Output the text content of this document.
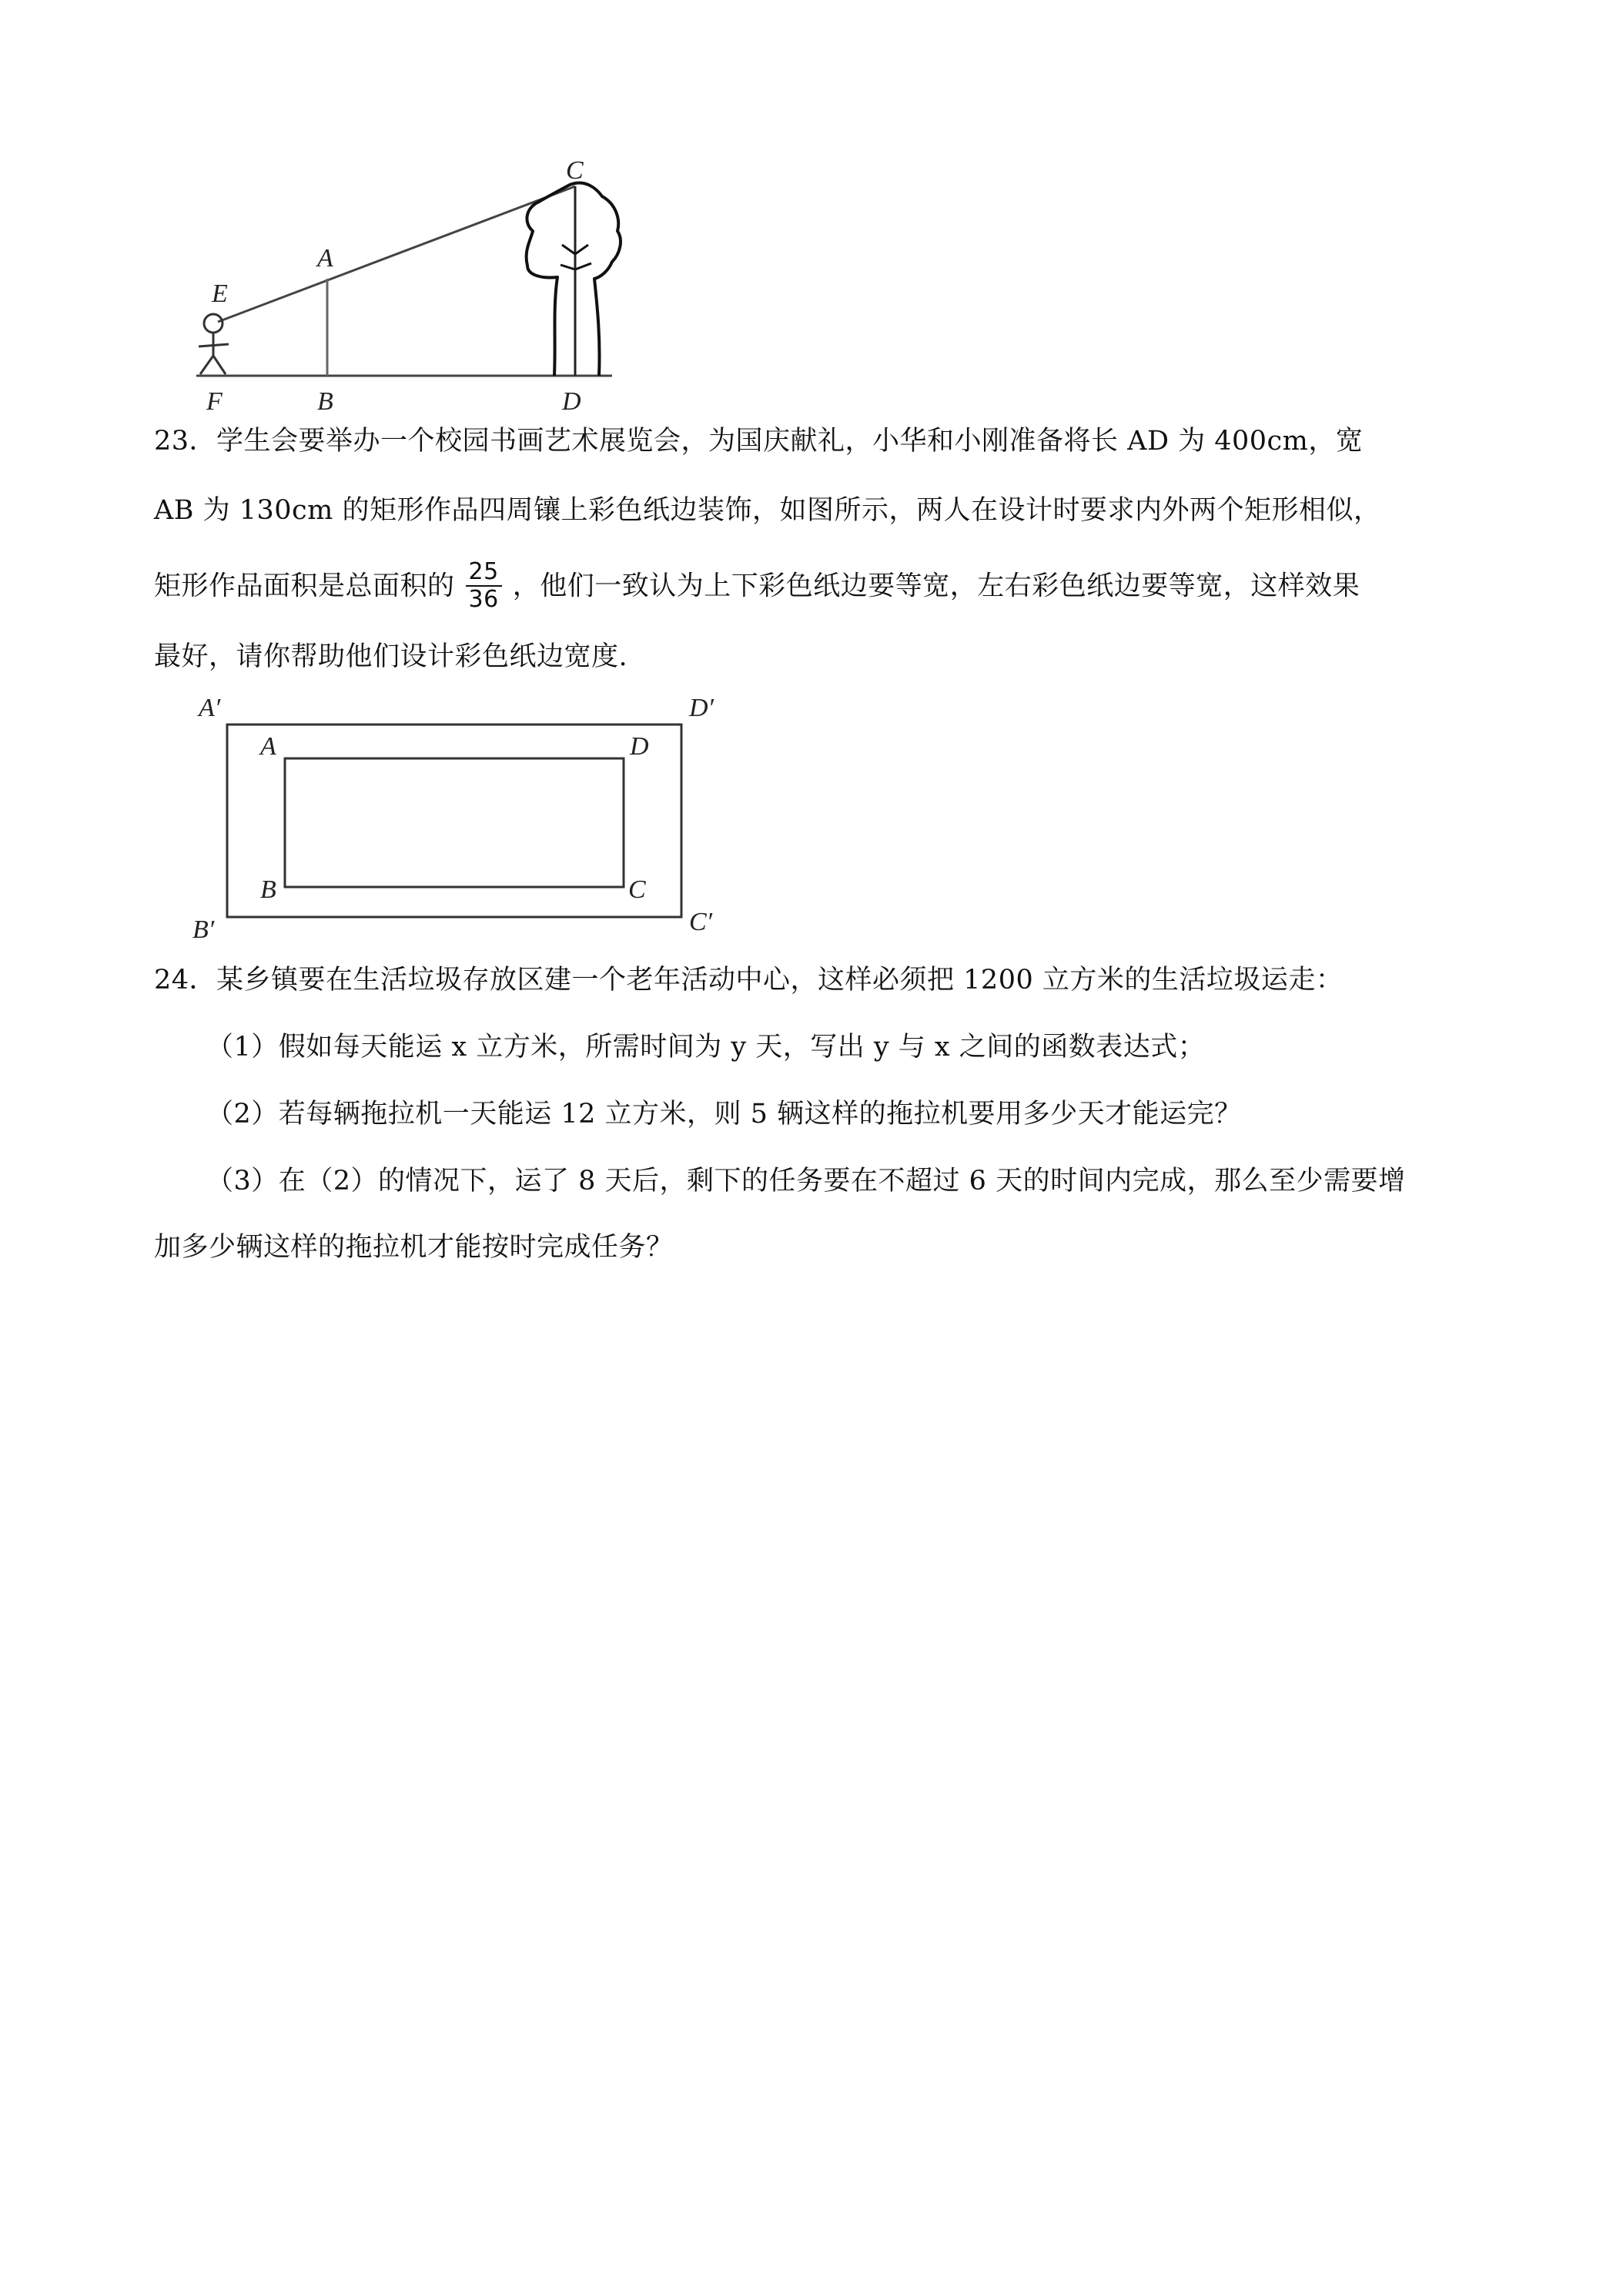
C
A
E
F	B	D
23．学生会要举办一个校园书画艺术展览会，为国庆献礼，小华和小刚准备将长 AD 为 400cm，宽
AB 为 130cm 的矩形作品四周镶上彩色纸边装饰，如图所示，两人在设计时要求内外两个矩形相似，
矩形作品面积是总面积的 $\frac{25}{36}$ ，他们一致认为上下彩色纸边要等宽，左右彩色纸边要等宽，这样效果
最好，请你帮助他们设计彩色纸边宽度.
A′	D′
A	D
B	C
B′	C′
24．某乡镇要在生活垃圾存放区建一个老年活动中心，这样必须把 1200 立方米的生活垃圾运走：
（1）假如每天能运 x 立方米，所需时间为 y 天，写出 y 与 x 之间的函数表达式；
（2）若每辆拖拉机一天能运 12 立方米，则 5 辆这样的拖拉机要用多少天才能运完？
（3）在（2）的情况下，运了 8 天后，剩下的任务要在不超过 6 天的时间内完成，那么至少需要增
加多少辆这样的拖拉机才能按时完成任务？
